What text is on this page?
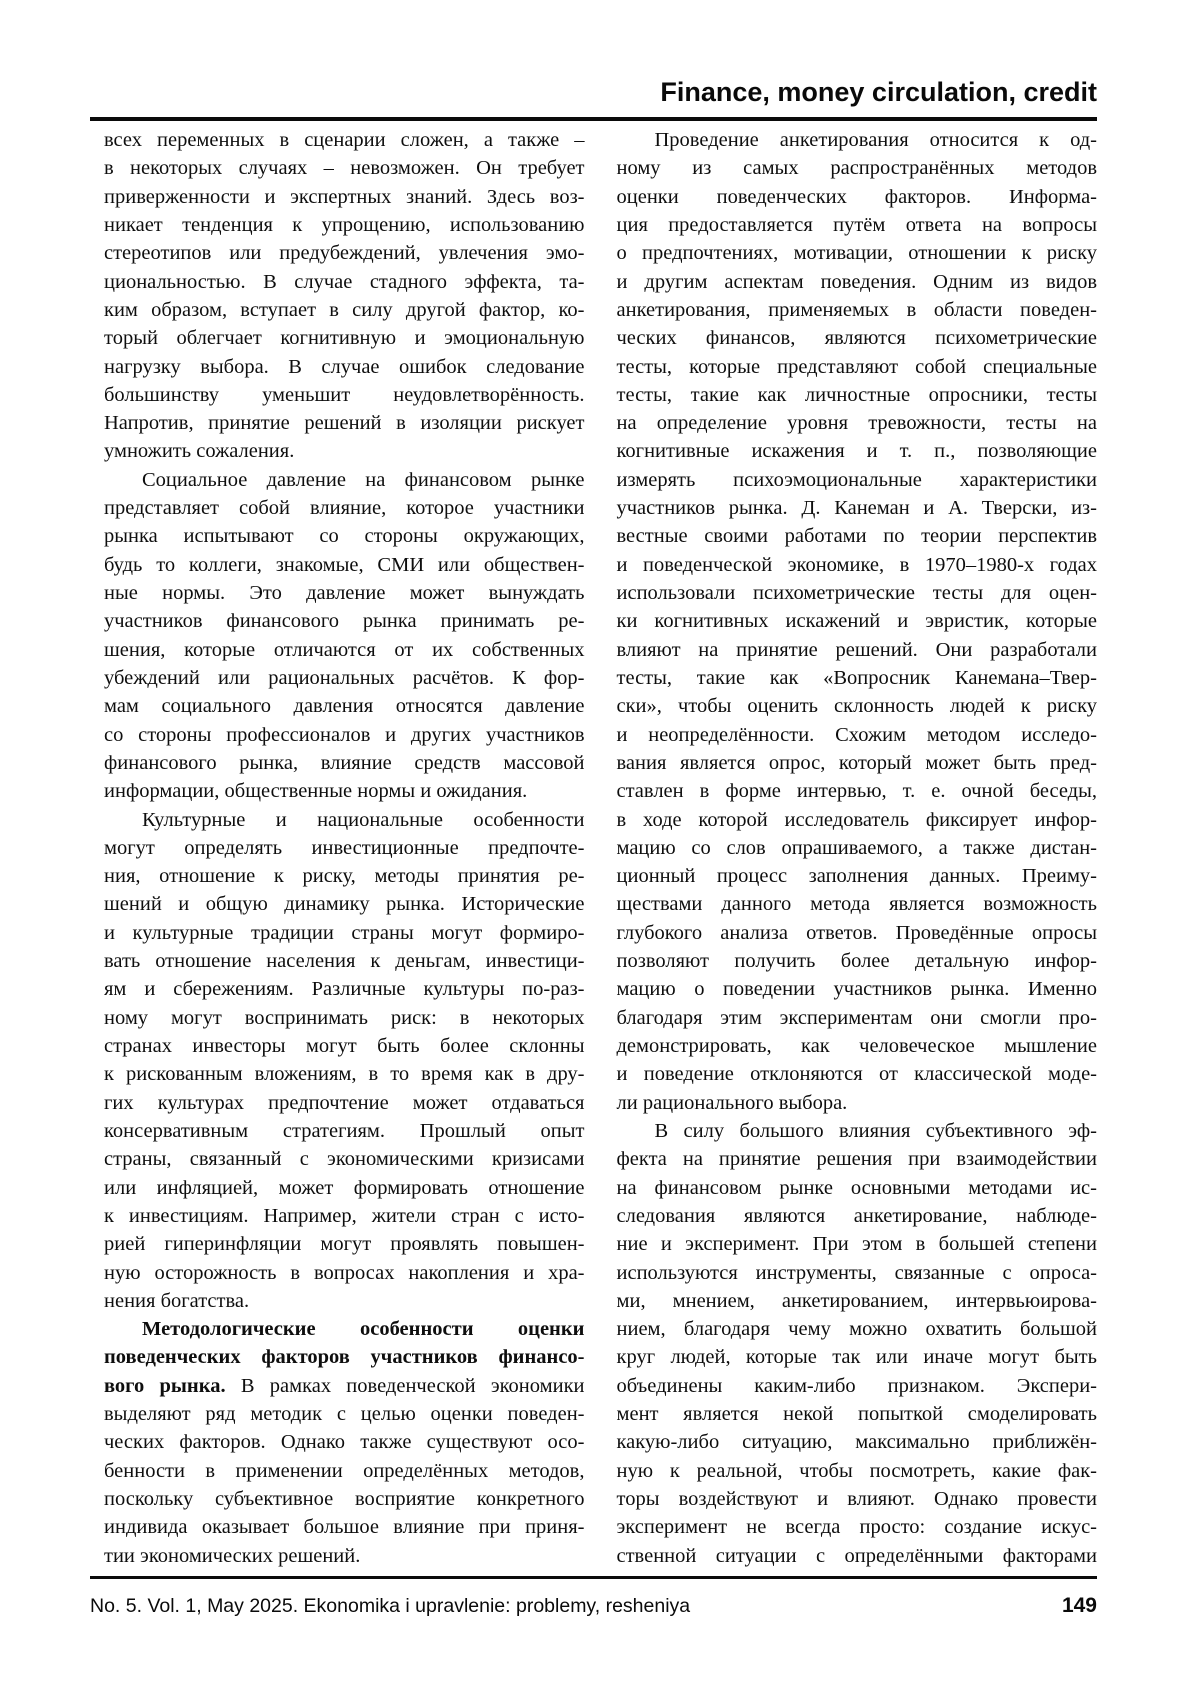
Finance, money circulation, credit
всех переменных в сценарии сложен, а также –
в некоторых случаях – невозможен. Он требует
приверженности и экспертных знаний. Здесь воз-
никает тенденция к упрощению, использованию
стереотипов или предубеждений, увлечения эмо-
циональностью. В случае стадного эффекта, та-
ким образом, вступает в силу другой фактор, ко-
торый облегчает когнитивную и эмоциональную
нагрузку выбора. В случае ошибок следование
большинству уменьшит неудовлетворённость.
Напротив, принятие решений в изоляции рискует
умножить сожаления.
Социальное давление на финансовом рынке
представляет собой влияние, которое участники
рынка испытывают со стороны окружающих,
будь то коллеги, знакомые, СМИ или обществен-
ные нормы. Это давление может вынуждать
участников финансового рынка принимать ре-
шения, которые отличаются от их собственных
убеждений или рациональных расчётов. К фор-
мам социального давления относятся давление
со стороны профессионалов и других участников
финансового рынка, влияние средств массовой
информации, общественные нормы и ожидания.
Культурные и национальные особенности
могут определять инвестиционные предпочте-
ния, отношение к риску, методы принятия ре-
шений и общую динамику рынка. Исторические
и культурные традиции страны могут формиро-
вать отношение населения к деньгам, инвестици-
ям и сбережениям. Различные культуры по-раз-
ному могут воспринимать риск: в некоторых
странах инвесторы могут быть более склонны
к рискованным вложениям, в то время как в дру-
гих культурах предпочтение может отдаваться
консервативным стратегиям. Прошлый опыт
страны, связанный с экономическими кризисами
или инфляцией, может формировать отношение
к инвестициям. Например, жители стран с исто-
рией гиперинфляции могут проявлять повышен-
ную осторожность в вопросах накопления и хра-
нения богатства.
Методологические особенности оценки
поведенческих факторов участников финансо-
вого рынка. В рамках поведенческой экономики
выделяют ряд методик с целью оценки поведен-
ческих факторов. Однако также существуют осо-
бенности в применении определённых методов,
поскольку субъективное восприятие конкретного
индивида оказывает большое влияние при приня-
тии экономических решений.
Проведение анкетирования относится к од-
ному из самых распространённых методов
оценки поведенческих факторов. Информа-
ция предоставляется путём ответа на вопросы
о предпочтениях, мотивации, отношении к риску
и другим аспектам поведения. Одним из видов
анкетирования, применяемых в области поведен-
ческих финансов, являются психометрические
тесты, которые представляют собой специальные
тесты, такие как личностные опросники, тесты
на определение уровня тревожности, тесты на
когнитивные искажения и т. п., позволяющие
измерять психоэмоциональные характеристики
участников рынка. Д. Канеман и А. Тверски, из-
вестные своими работами по теории перспектив
и поведенческой экономике, в 1970–1980-х годах
использовали психометрические тесты для оцен-
ки когнитивных искажений и эвристик, которые
влияют на принятие решений. Они разработали
тесты, такие как «Вопросник Канемана–Твер-
ски», чтобы оценить склонность людей к риску
и неопределённости. Схожим методом исследо-
вания является опрос, который может быть пред-
ставлен в форме интервью, т. е. очной беседы,
в ходе которой исследователь фиксирует инфор-
мацию со слов опрашиваемого, а также дистан-
ционный процесс заполнения данных. Преиму-
ществами данного метода является возможность
глубокого анализа ответов. Проведённые опросы
позволяют получить более детальную инфор-
мацию о поведении участников рынка. Именно
благодаря этим экспериментам они смогли про-
демонстрировать, как человеческое мышление
и поведение отклоняются от классической моде-
ли рационального выбора.
В силу большого влияния субъективного эф-
фекта на принятие решения при взаимодействии
на финансовом рынке основными методами ис-
следования являются анкетирование, наблюде-
ние и эксперимент. При этом в большей степени
используются инструменты, связанные с опроса-
ми, мнением, анкетированием, интервьюирова-
нием, благодаря чему можно охватить большой
круг людей, которые так или иначе могут быть
объединены каким-либо признаком. Экспери-
мент является некой попыткой смоделировать
какую-либо ситуацию, максимально приближён-
ную к реальной, чтобы посмотреть, какие фак-
торы воздействуют и влияют. Однако провести
эксперимент не всегда просто: создание искус-
ственной ситуации с определёнными факторами
No. 5. Vol. 1, May 2025. Ekonomika i upravlenie: problemy, resheniya	149
